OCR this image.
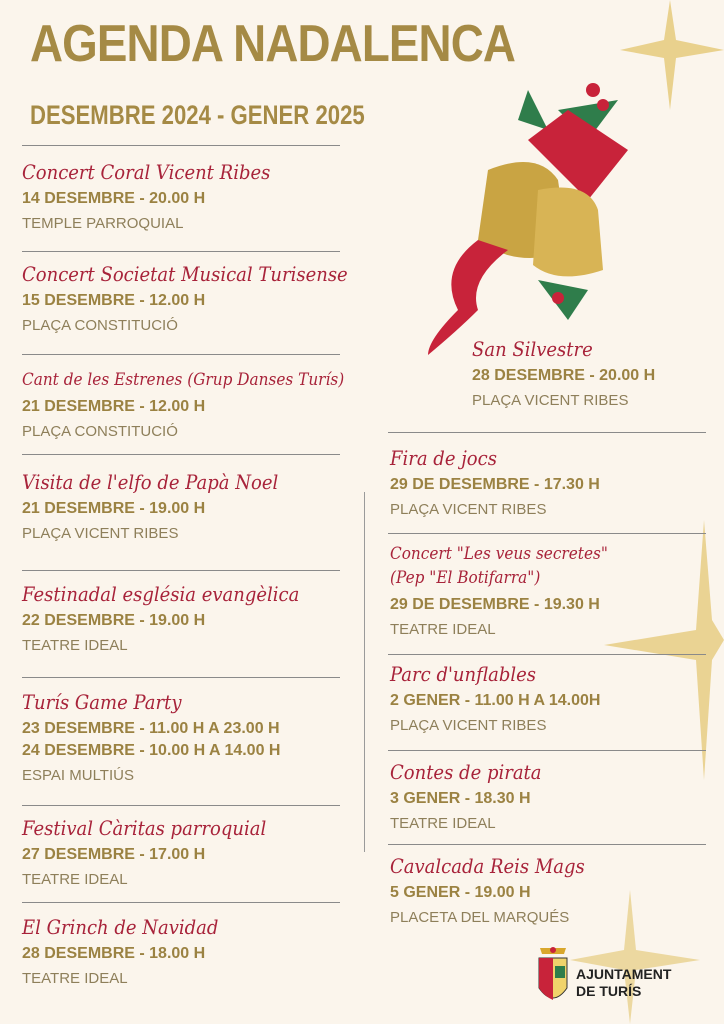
AGENDA NADALENCA
DESEMBRE 2024 - GENER 2025
Concert Coral Vicent Ribes
14 DESEMBRE - 20.00 H
TEMPLE PARROQUIAL
Concert Societat Musical Turisense
15 DESEMBRE - 12.00 H
PLAÇA CONSTITUCIÓ
Cant de les Estrenes (Grup Danses Turís)
21 DESEMBRE - 12.00 H
PLAÇA CONSTITUCIÓ
Visita de l'elfo de Papà Noel
21 DESEMBRE - 19.00 H
PLAÇA VICENT RIBES
Festinadal església evangèlica
22 DESEMBRE - 19.00 H
TEATRE IDEAL
Turís Game Party
23 DESEMBRE - 11.00 H A 23.00 H
24 DESEMBRE - 10.00 H A 14.00 H
ESPAI MULTIÚS
Festival Càritas parroquial
27 DESEMBRE - 17.00 H
TEATRE IDEAL
El Grinch de Navidad
28 DESEMBRE - 18.00 H
TEATRE IDEAL
San Silvestre
28 DESEMBRE - 20.00 H
PLAÇA VICENT RIBES
Fira de jocs
29 DE DESEMBRE - 17.30 H
PLAÇA VICENT RIBES
Concert "Les veus secretes"
(Pep "El Botifarra")
29 DE DESEMBRE - 19.30 H
TEATRE IDEAL
Parc d'unflables
2 GENER - 11.00 H A 14.00H
PLAÇA VICENT RIBES
Contes de pirata
3 GENER - 18.30 H
TEATRE IDEAL
Cavalcada Reis Mags
5 GENER - 19.00 H
PLACETA DEL MARQUÉS
AJUNTAMENT
DE TURÍS
